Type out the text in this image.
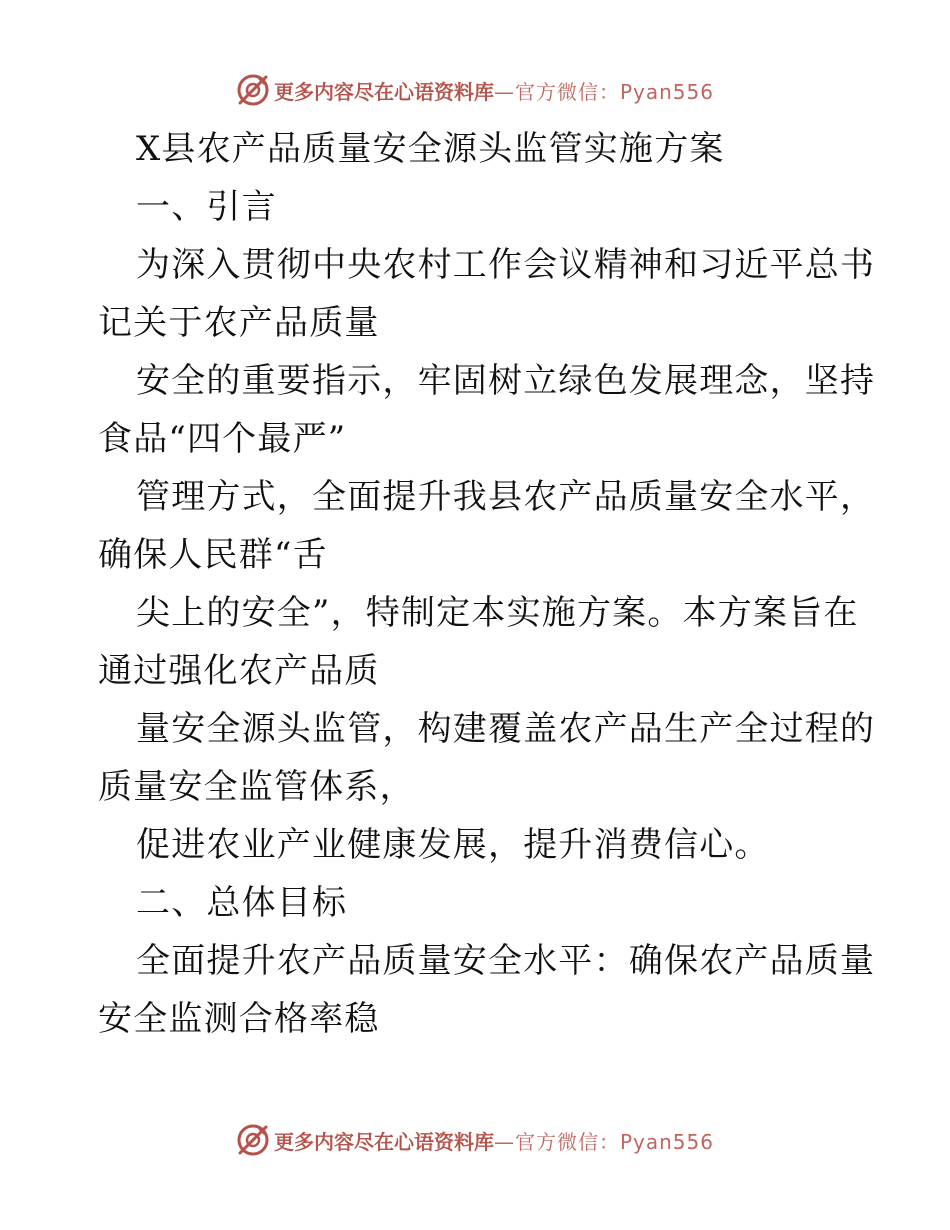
更多内容尽在心语资料库 —官方微信：Pyan556
X县农产品质量安全源头监管实施方案
一、引言
为深入贯彻中央农村工作会议精神和习近平总书
记关于农产品质量
安全的重要指示，牢固树立绿色发展理念，坚持
食品“四个最严”
管理方式，全面提升我县农产品质量安全水平，
确保人民群“舌
尖上的安全”，特制定本实施方案。本方案旨在
通过强化农产品质
量安全源头监管，构建覆盖农产品生产全过程的
质量安全监管体系，
促进农业产业健康发展，提升消费信心。
二、总体目标
全面提升农产品质量安全水平：确保农产品质量
安全监测合格率稳
更多内容尽在心语资料库 —官方微信：Pyan556
